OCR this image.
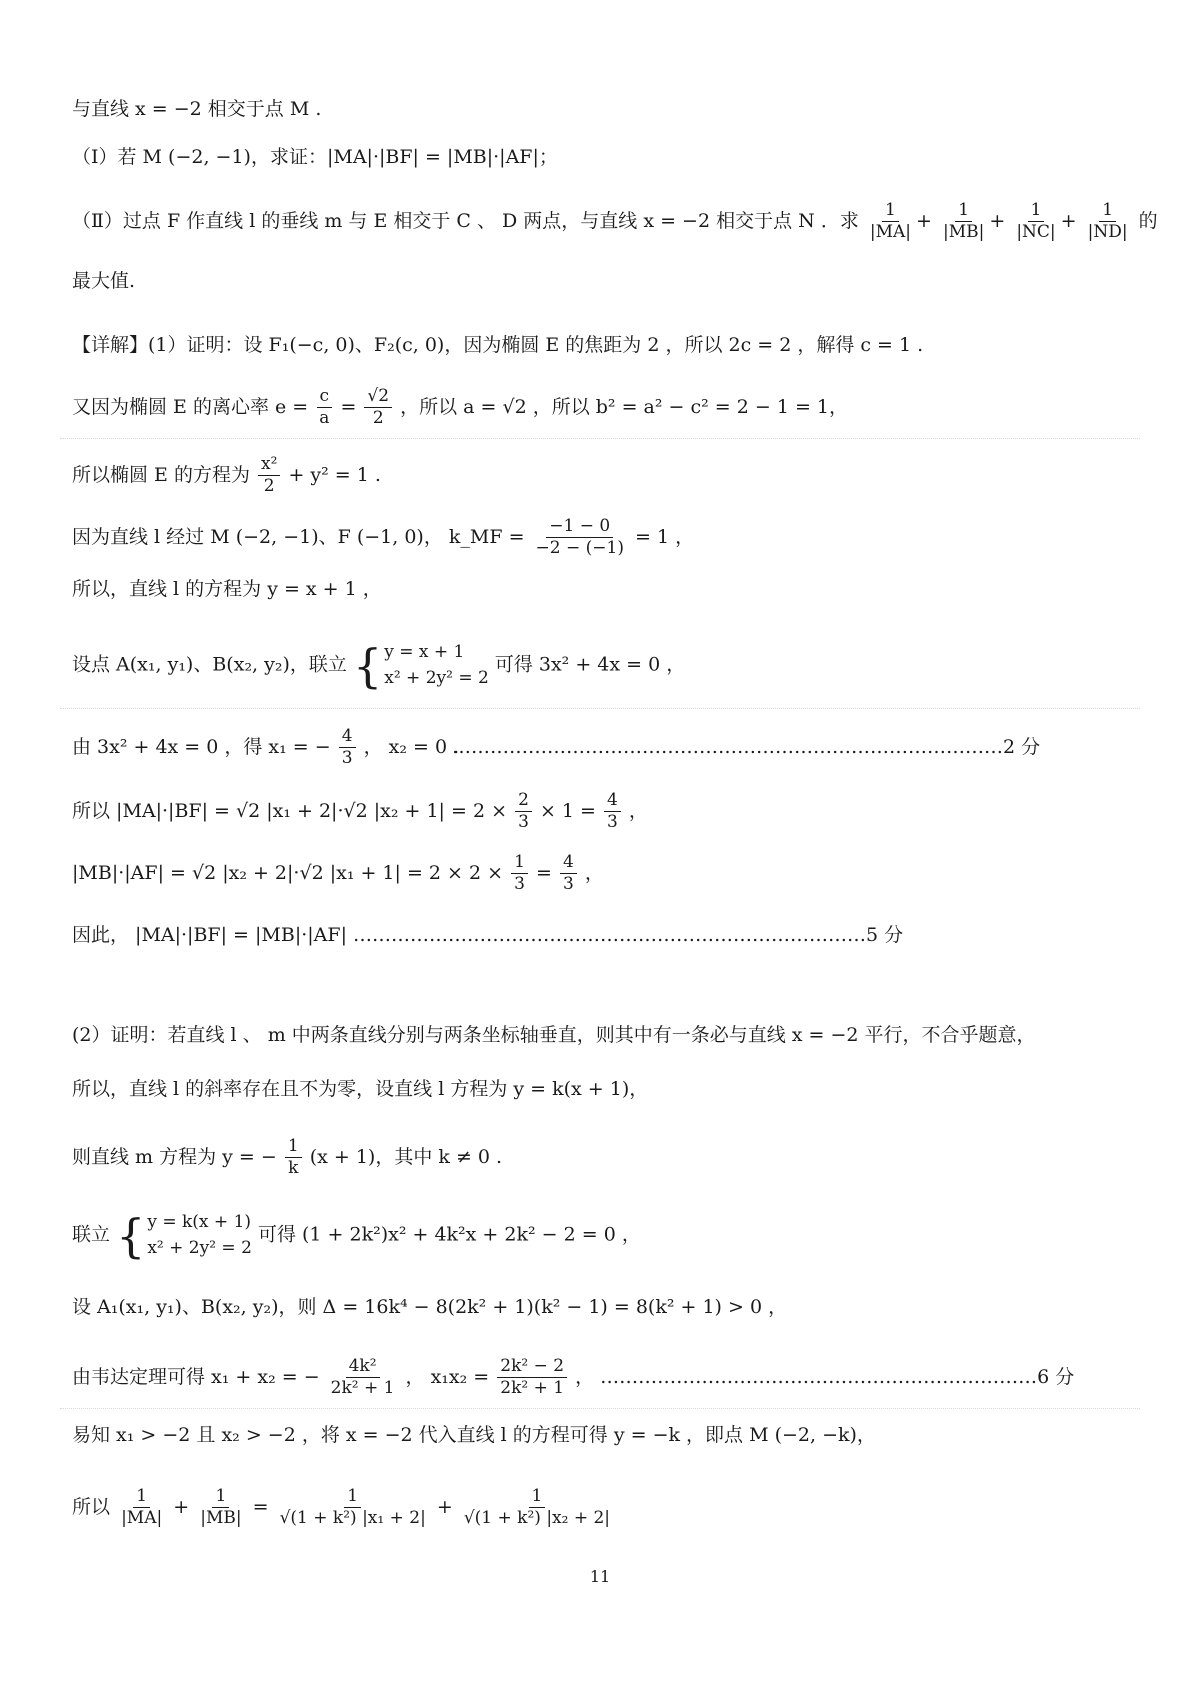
与直线 x = −2 相交于点 M .
（Ⅰ）若 M (−2, −1)，求证：|MA|·|BF| = |MB|·|AF|；
（Ⅱ）过点 F 作直线 l 的垂线 m 与 E 相交于 C 、 D 两点，与直线 x = −2 相交于点 N ．求 $\frac{1}{|MA|} + \frac{1}{|MB|} + \frac{1}{|NC|} + \frac{1}{|ND|}$ 的
最大值.
【详解】(1）证明：设 F₁(−c, 0)、F₂(c, 0)，因为椭圆 E 的焦距为 2 ，所以 2c = 2 ，解得 c = 1 .
又因为椭圆 E 的离心率 $e = \frac{c}{a} = \frac{√2}{2}$ ，所以 a = √2 ，所以 b² = a² − c² = 2 − 1 = 1，
所以椭圆 E 的方程为 $\frac{\text{x²}}{2} + y^2 = 1$ .
因为直线 l 经过 M (−2, −1)、F (−1, 0)， k_MF = $\frac{-1 - 0}{-2 - (-1)} = 1$ ，
所以，直线 l 的方程为 y = x + 1 ，
设点 A(x₁, y₁)、B(x₂, y₂)，联立 { y = x + 1
x² + 2y² = 2
可得 3x² + 4x = 0 ，
由 3x² + 4x = 0 ，得 x₁ = − $\frac{4}{3}$ ， x₂ = 0 .
……………………………………………………………………………2 分
所以 |MA|·|BF| = √2 |x₁ + 2|·√2 $|x_2 + 1| = 2 \times \frac{2}{3} \times 1 = \frac{4}{3}$ ，
|MB|·|AF| = √2 |x₂ + 2|·√2 $|x_1 + 1| = 2 \times 2 \times \frac{1}{3} = \frac{4}{3}$ ，
因此， |MA|·|BF| = |MB|·|AF| ………………………………………………………………………5 分
(2）证明：若直线 l 、 m 中两条直线分别与两条坐标轴垂直，则其中有一条必与直线 x = −2 平行，不合乎题意，
所以，直线 l 的斜率存在且不为零，设直线 l 方程为 y = k(x + 1)，
则直线 m 方程为 y = − $\frac{1}{k} (x + 1)$，其中 k ≠ 0 .
联立 { y = k(x + 1)
x² + 2y² = 2
可得 (1 + 2k²)x² + 4k²x + 2k² − 2 = 0 ，
设 A₁(x₁, y₁)、B(x₂, y₂)，则 Δ = 16k⁴ − 8(2k² + 1)(k² − 1) = 8(k² + 1) > 0 ，
由韦达定理可得 x₁ + x₂ = − $\frac{\text{4k²}}{\text{2k² + 1}}$ ， $x_1x_2 = \frac{\text{2k² − 2}}{\text{2k² + 1}}$ ， ……………………………………………………………6 分
易知 x₁ > −2 且 x₂ > −2 ，将 x = −2 代入直线 l 的方程可得 y = −k ，即点 M (−2, −k)，
所以 $\frac{1}{|MA|} + \frac{1}{|MB|} = \frac{1}{\text{√(1 + k²) |x₁ + 2|}} + \frac{1}{\text{√(1 + k²) |x₂ + 2|}}$
11
